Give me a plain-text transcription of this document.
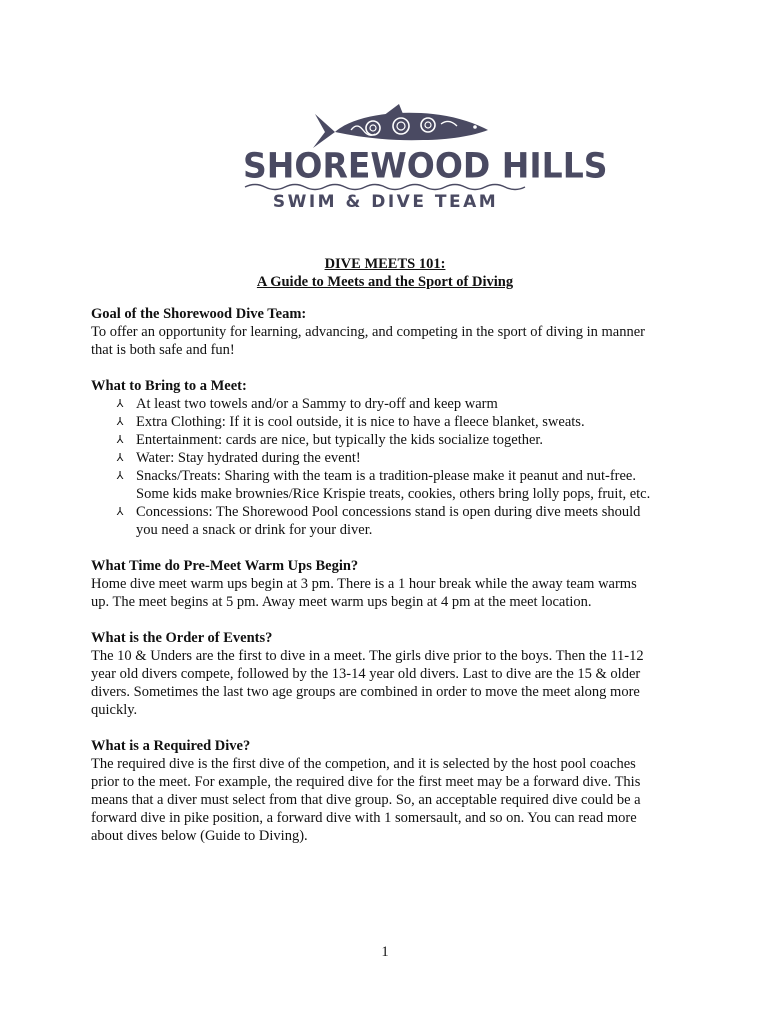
SHOREWOOD HILLS
SWIM & DIVE TEAM
DIVE MEETS 101:
A Guide to Meets and the Sport of Diving

Goal of the Shorewood Dive Team:

To offer an opportunity for learning, advancing, and competing in the sport of diving in manner

that is both safe and fun!

What to Bring to a Meet:

⅄ At least two towels and/or a Sammy to dry-off and keep warm
⅄ Extra Clothing: If it is cool outside, it is nice to have a fleece blanket, sweats.
⅄ Entertainment: cards are nice, but typically the kids socialize together.
⅄ Water: Stay hydrated during the event!
⅄ Snacks/Treats: Sharing with the team is a tradition-please make it peanut and nut-free.
Some kids make brownies/Rice Krispie treats, cookies, others bring lolly pops, fruit, etc.
⅄ Concessions: The Shorewood Pool concessions stand is open during dive meets should
you need a snack or drink for your diver.

What Time do Pre-Meet Warm Ups Begin?

Home dive meet warm ups begin at 3 pm. There is a 1 hour break while the away team warms

up. The meet begins at 5 pm. Away meet warm ups begin at 4 pm at the meet location.

What is the Order of Events?

The 10 & Unders are the first to dive in a meet. The girls dive prior to the boys. Then the 11-12

year old divers compete, followed by the 13-14 year old divers. Last to dive are the 15 & older

divers. Sometimes the last two age groups are combined in order to move the meet along more

quickly.

What is a Required Dive?

The required dive is the first dive of the competion, and it is selected by the host pool coaches

prior to the meet. For example, the required dive for the first meet may be a forward dive. This

means that a diver must select from that dive group. So, an acceptable required dive could be a

forward dive in pike position, a forward dive with 1 somersault, and so on. You can read more

about dives below (Guide to Diving).

1
